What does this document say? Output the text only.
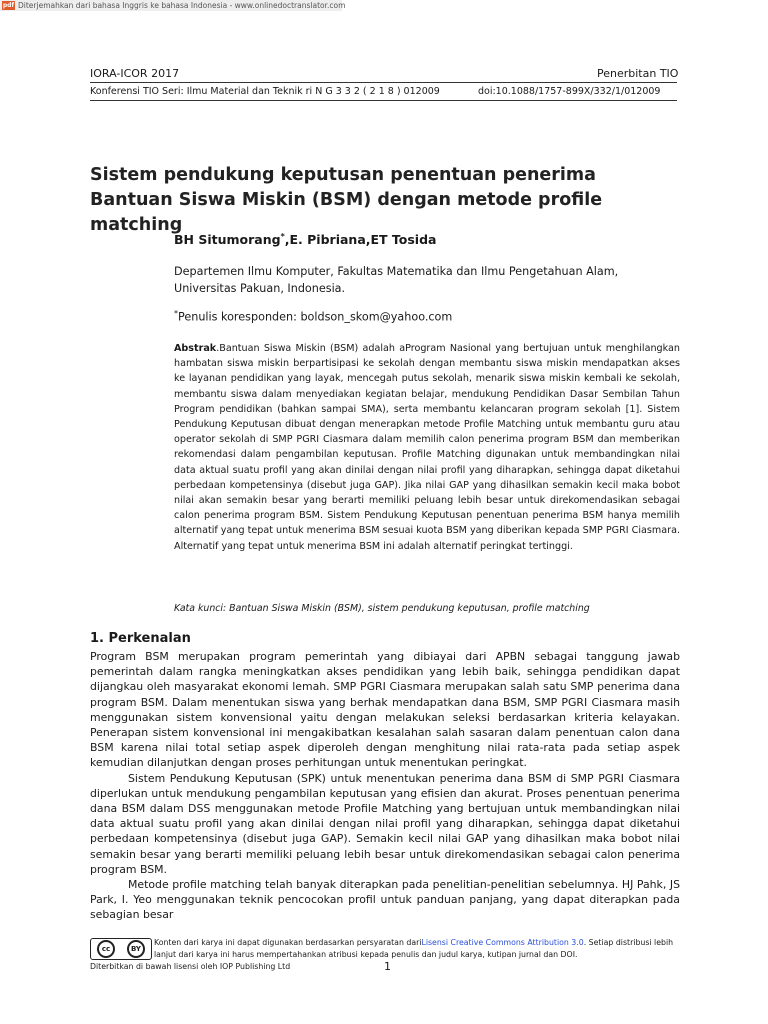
pdf Diterjemahkan dari bahasa Inggris ke bahasa Indonesia - www.onlinedoctranslator.com
IORA-ICOR 2017	Penerbitan TIO
Konferensi TIO Seri: Ilmu Material dan Teknik ri N G 3 3 2 ( 2 1 8 ) 012009	doi:10.1088/1757-899X/332/1/012009
Sistem pendukung keputusan penentuan penerima Bantuan Siswa Miskin (BSM) dengan metode profile matching
BH Situmorang*,E. Pibriana,ET Tosida
Departemen Ilmu Komputer, Fakultas Matematika dan Ilmu Pengetahuan Alam, Universitas Pakuan, Indonesia.
*Penulis koresponden: boldson_skom@yahoo.com
Abstrak.Bantuan Siswa Miskin (BSM) adalah aProgram Nasional yang bertujuan untuk menghilangkan hambatan siswa miskin berpartisipasi ke sekolah dengan membantu siswa miskin mendapatkan akses ke layanan pendidikan yang layak, mencegah putus sekolah, menarik siswa miskin kembali ke sekolah, membantu siswa dalam menyediakan kegiatan belajar, mendukung Pendidikan Dasar Sembilan Tahun Program pendidikan (bahkan sampai SMA), serta membantu kelancaran program sekolah [1]. Sistem Pendukung Keputusan dibuat dengan menerapkan metode Profile Matching untuk membantu guru atau operator sekolah di SMP PGRI Ciasmara dalam memilih calon penerima program BSM dan memberikan rekomendasi dalam pengambilan keputusan. Profile Matching digunakan untuk membandingkan nilai data aktual suatu profil yang akan dinilai dengan nilai profil yang diharapkan, sehingga dapat diketahui perbedaan kompetensinya (disebut juga GAP). Jika nilai GAP yang dihasilkan semakin kecil maka bobot nilai akan semakin besar yang berarti memiliki peluang lebih besar untuk direkomendasikan sebagai calon penerima program BSM. Sistem Pendukung Keputusan penentuan penerima BSM hanya memilih alternatif yang tepat untuk menerima BSM sesuai kuota BSM yang diberikan kepada SMP PGRI Ciasmara. Alternatif yang tepat untuk menerima BSM ini adalah alternatif peringkat tertinggi.
Kata kunci: Bantuan Siswa Miskin (BSM), sistem pendukung keputusan, profile matching
1. Perkenalan

Program BSM merupakan program pemerintah yang dibiayai dari APBN sebagai tanggung jawab pemerintah dalam rangka meningkatkan akses pendidikan yang lebih baik, sehingga pendidikan dapat dijangkau oleh masyarakat ekonomi lemah. SMP PGRI Ciasmara merupakan salah satu SMP penerima dana program BSM. Dalam menentukan siswa yang berhak mendapatkan dana BSM, SMP PGRI Ciasmara masih menggunakan sistem konvensional yaitu dengan melakukan seleksi berdasarkan kriteria kelayakan. Penerapan sistem konvensional ini mengakibatkan kesalahan salah sasaran dalam penentuan calon dana BSM karena nilai total setiap aspek diperoleh dengan menghitung nilai rata-rata pada setiap aspek kemudian dilanjutkan dengan proses perhitungan untuk menentukan peringkat.

Sistem Pendukung Keputusan (SPK) untuk menentukan penerima dana BSM di SMP PGRI Ciasmara diperlukan untuk mendukung pengambilan keputusan yang efisien dan akurat. Proses penentuan penerima dana BSM dalam DSS menggunakan metode Profile Matching yang bertujuan untuk membandingkan nilai data aktual suatu profil yang akan dinilai dengan nilai profil yang diharapkan, sehingga dapat diketahui perbedaan kompetensinya (disebut juga GAP). Semakin kecil nilai GAP yang dihasilkan maka bobot nilai semakin besar yang berarti memiliki peluang lebih besar untuk direkomendasikan sebagai calon penerima program BSM.

Metode profile matching telah banyak diterapkan pada penelitian-penelitian sebelumnya. HJ Pahk, JS Park, I. Yeo menggunakan teknik pencocokan profil untuk panduan panjang, yang dapat diterapkan pada sebagian besar

cc	BY
Konten dari karya ini dapat digunakan berdasarkan persyaratan dariLisensi Creative Commons Attribution 3.0. Setiap distribusi lebih lanjut dari karya ini harus mempertahankan atribusi kepada penulis dan judul karya, kutipan jurnal dan DOI.
Diterbitkan di bawah lisensi oleh IOP Publishing Ltd	1
